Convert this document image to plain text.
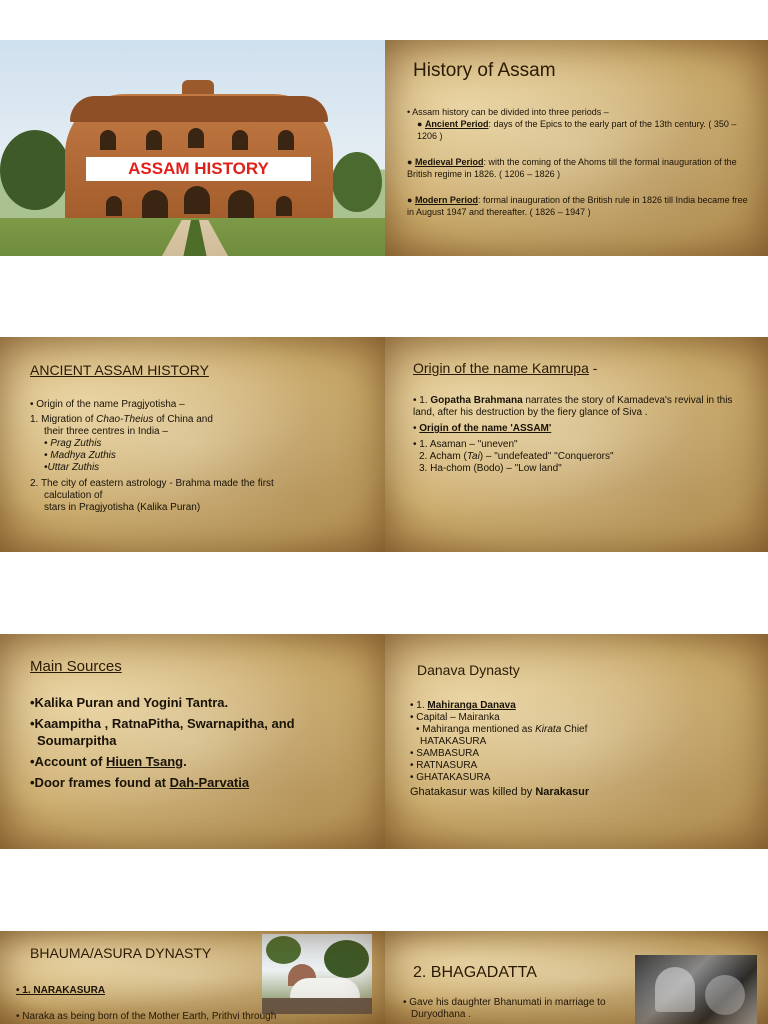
ASSAM HISTORY
History of Assam

• Assam history can be divided into three periods –

● Ancient Period: days of the Epics to the early part of the 13th century. ( 350 – 1206 )

● Medieval Period: with the coming of the Ahoms till the formal inauguration of the British regime in 1826. ( 1206 – 1826 )

● Modern Period: formal inauguration of the British rule in 1826 till India became free in August 1947 and thereafter. ( 1826 – 1947 )

ANCIENT ASSAM HISTORY

• Origin of the name Pragjyotisha –

1. Migration of Chao-Theius of China and

their three centres in India –

• Prag Zuthis

• Madhya Zuthis

•Uttar Zuthis

2. The city of eastern astrology - Brahma made the first

calculation of

stars in Pragjyotisha (Kalika Puran)

Origin of the name Kamrupa -

• 1. Gopatha Brahmana narrates the story of Kamadeva's revival in this land, after his destruction by the fiery glance of Siva .

• Origin of the name 'ASSAM'

• 1. Asaman – "uneven"

2. Acham (Tai) – "undefeated" "Conquerors"

3. Ha-chom (Bodo) – "Low land"

Main Sources

•Kalika Puran and Yogini Tantra.

•Kaampitha , RatnaPitha, Swarnapitha, and

Soumarpitha

•Account of Hiuen Tsang.

•Door frames found at Dah-Parvatia

Danava Dynasty

• 1. Mahiranga Danava

• Capital – Mairanka

• Mahiranga mentioned as Kirata Chief

HATAKASURA

• SAMBASURA

• RATNASURA

• GHATAKASURA

Ghatakasur was killed by Narakasur

BHAUMA/ASURA DYNASTY

• 1. NARAKASURA

• Naraka as being born of the Mother Earth, Prithvi through

2. BHAGADATTA

• Gave his daughter Bhanumati in marriage to

Duryodhana .
